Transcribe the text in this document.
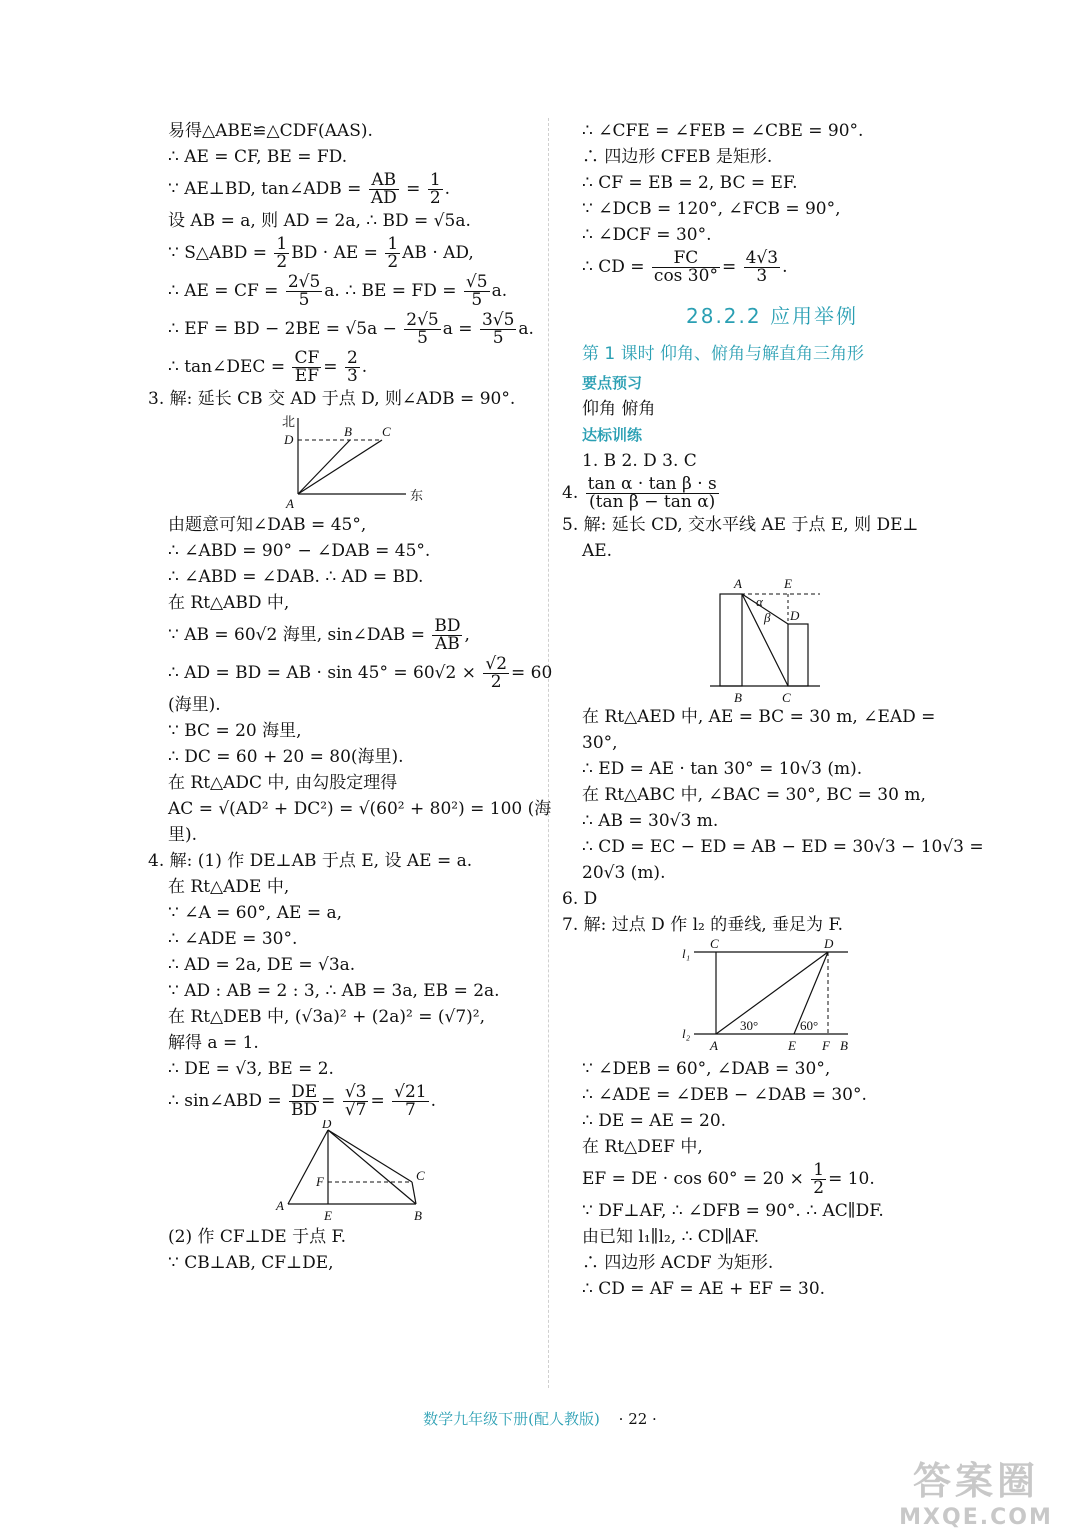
易得△ABE≌△CDF(AAS).
∴ AE = CF, BE = FD.
∵ AE⊥BD, tan∠ADB = $\frac{AB}{AD} = \frac{1}{2}$ .
设 AB = a, 则 AD = 2a, ∴ BD = √5a.
∵ S△ABD = $\frac{1}{2}$ BD · AE = $\frac{1}{2}$ AB · AD,
∴ AE = CF = $\frac{2√5}{5} a$. ∴ BE = FD = $\frac{√5}{5} a$.
∴ EF = BD − $2BE = √5a - \frac{2√5}{5}$ $a = \frac{3√5}{5} a$.
∴ tan∠DEC = $\frac{CF}{EF} = \frac{2}{3}$ .
3. 解: 延长 CB 交 AD 于点 D, 则∠ADB = 90°.
北
D
B C
A
东
由题意可知∠DAB = 45°,
∴ ∠ABD = 90° − ∠DAB = 45°.
∴ ∠ABD = ∠DAB. ∴ AD = BD.
在 Rt△ABD 中,
∵ AB = 60√2 海里, sin∠DAB = $\frac{BD}{AB}$ ,
∴ AD = BD = AB · $\sin 45^\circ = 60√2 \times \frac{√2}{2} = 60$
(海里).
∵ BC = 20 海里,
∴ DC = 60 + 20 = 80(海里).
在 Rt△ADC 中, 由勾股定理得
AC = √(AD² + DC²) = √(60² + 80²) = 100 (海
里).
4. 解: (1) 作 DE⊥AB 于点 E, 设 AE = a.
在 Rt△ADE 中,
∵ ∠A = 60°, AE = a,
∴ ∠ADE = 30°.
∴ AD = 2a, DE = √3a.
∵ AD : AB = 2 : 3, ∴ AB = 3a, EB = 2a.
在 Rt△DEB 中, (√3a)² + (2a)² = (√7)²,
解得 a = 1.
∴ DE = √3, BE = 2.
∴ sin∠ABD = $\frac{DE}{BD} = \frac{√3}{√7} = \frac{√21}{7}$ .
D
C
F
A
E	B
(2) 作 CF⊥DE 于点 F.
∵ CB⊥AB, CF⊥DE,
∴ ∠CFE = ∠FEB = ∠CBE = 90°.
∴ 四边形 CFEB 是矩形.
∴ CF = EB = 2, BC = EF.
∵ ∠DCB = 120°, ∠FCB = 90°,
∴ ∠DCF = 30°.
∴ CD = $\frac{FC}{\cos 30^\circ} = \frac{4√3}{3}$ .
28.2.2 应用举例
第 1 课时 仰角、俯角与解直角三角形
要点预习
仰角 俯角
达标训练
1. B 2. D 3. C
4. $\frac{\text{tan α · tan β · s}}{\text{(tan β − tan α)}}$
5. 解: 延长 CD, 交水平线 AE 于点 E, 则 DE⊥
AE.
A	E
α
β D
B	C
在 Rt△AED 中, AE = BC = 30 m, ∠EAD =
30°,
∴ ED = AE · tan 30° = 10√3 (m).
在 Rt△ABC 中, ∠BAC = 30°, BC = 30 m,
∴ AB = 30√3 m.
∴ CD = EC − ED = AB − ED = 30√3 − 10√3 =
20√3 (m).
6. D
7. 解: 过点 D 作 l₂ 的垂线, 垂足为 F.
l₁
l₂
C	D
30°	60°
A	E F B
∵ ∠DEB = 60°, ∠DAB = 30°,
∴ ∠ADE = ∠DEB − ∠DAB = 30°.
∴ DE = AE = 20.
在 Rt△DEF 中,
EF = DE · $\cos 60^\circ = 20 \times \frac{1}{2} = 10$.
∵ DF⊥AF, ∴ ∠DFB = 90°. ∴ AC∥DF.
由已知 l₁∥l₂, ∴ CD∥AF.
∴ 四边形 ACDF 为矩形.
∴ CD = AF = AE + EF = 30.
数学九年级下册(配人教版) · 22 ·
答案圈
MXQE.COM
